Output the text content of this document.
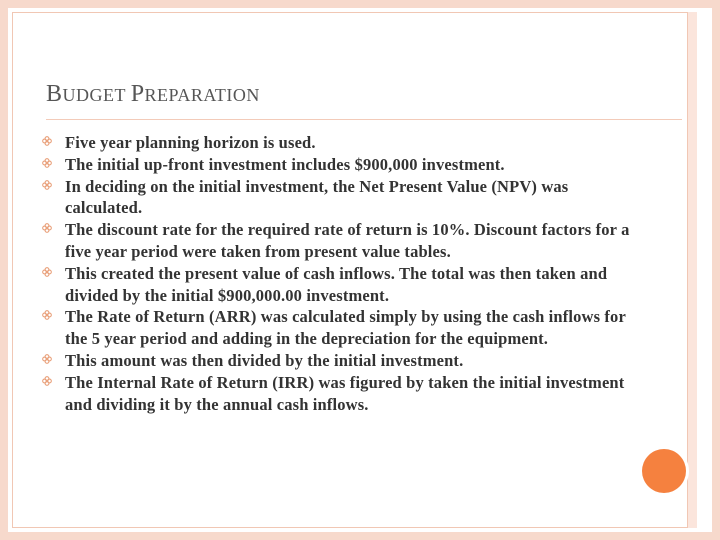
BUDGET PREPARATION
Five year planning horizon is used.
The initial up-front investment includes $900,000 investment.
In deciding on the initial investment, the Net Present Value (NPV) was calculated.
The discount rate for the required rate of return is 10%. Discount factors for a five year period were taken from present value tables.
This created the present value of cash inflows. The total was then taken and divided by the initial $900,000.00 investment.
The Rate of Return (ARR) was calculated simply by using the cash inflows for the 5 year period and adding in the depreciation for the equipment.
This amount was then divided by the initial investment.
The Internal Rate of Return (IRR) was figured by taken the initial investment and dividing it by the annual cash inflows.
